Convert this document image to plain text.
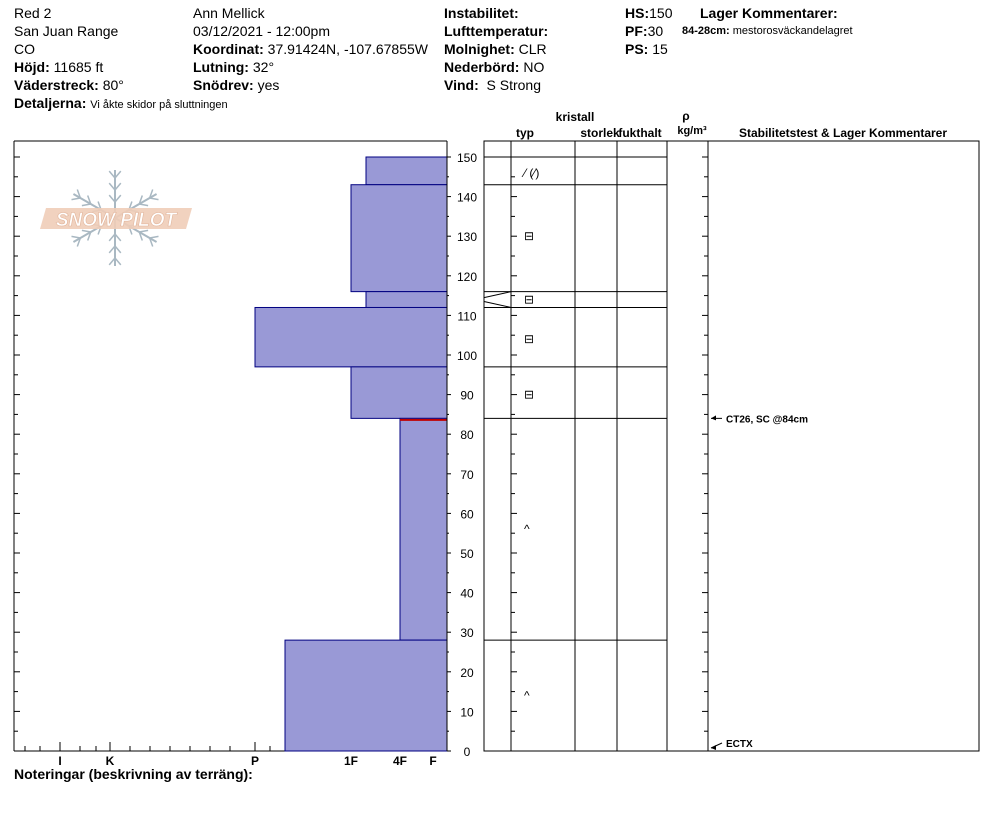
Red 2
San Juan Range
CO
Höjd: 11685 ft
Väderstreck: 80°
Detaljerna: Vi åkte skidor på sluttningen
Ann Mellick
03/12/2021 - 12:00pm
Koordinat: 37.91424N, -107.67855W
Lutning: 32°
Snödrev: yes
Instabilitet:
Lufttemperatur:
Molnighet: CLR
Nederbörd: NO
Vind: S Strong
HS:150
PF:30
PS: 15
Lager Kommentarer:
84-28cm: mestorosväckandelagret
SNOW PILOT
I	K	P	1F	4F F
0
10
20
30
40
50
60
70
80
90
100
110
120
130
140
150
⁄ (⁄)
⊟
⊟
⊟
⊟
^
^
CT26, SC @84cm
ECTX
kristall
typ	storlek
fukthalt
ρ
kg/m³	Stabilitetstest & Lager Kommentarer
Noteringar (beskrivning av terräng):
